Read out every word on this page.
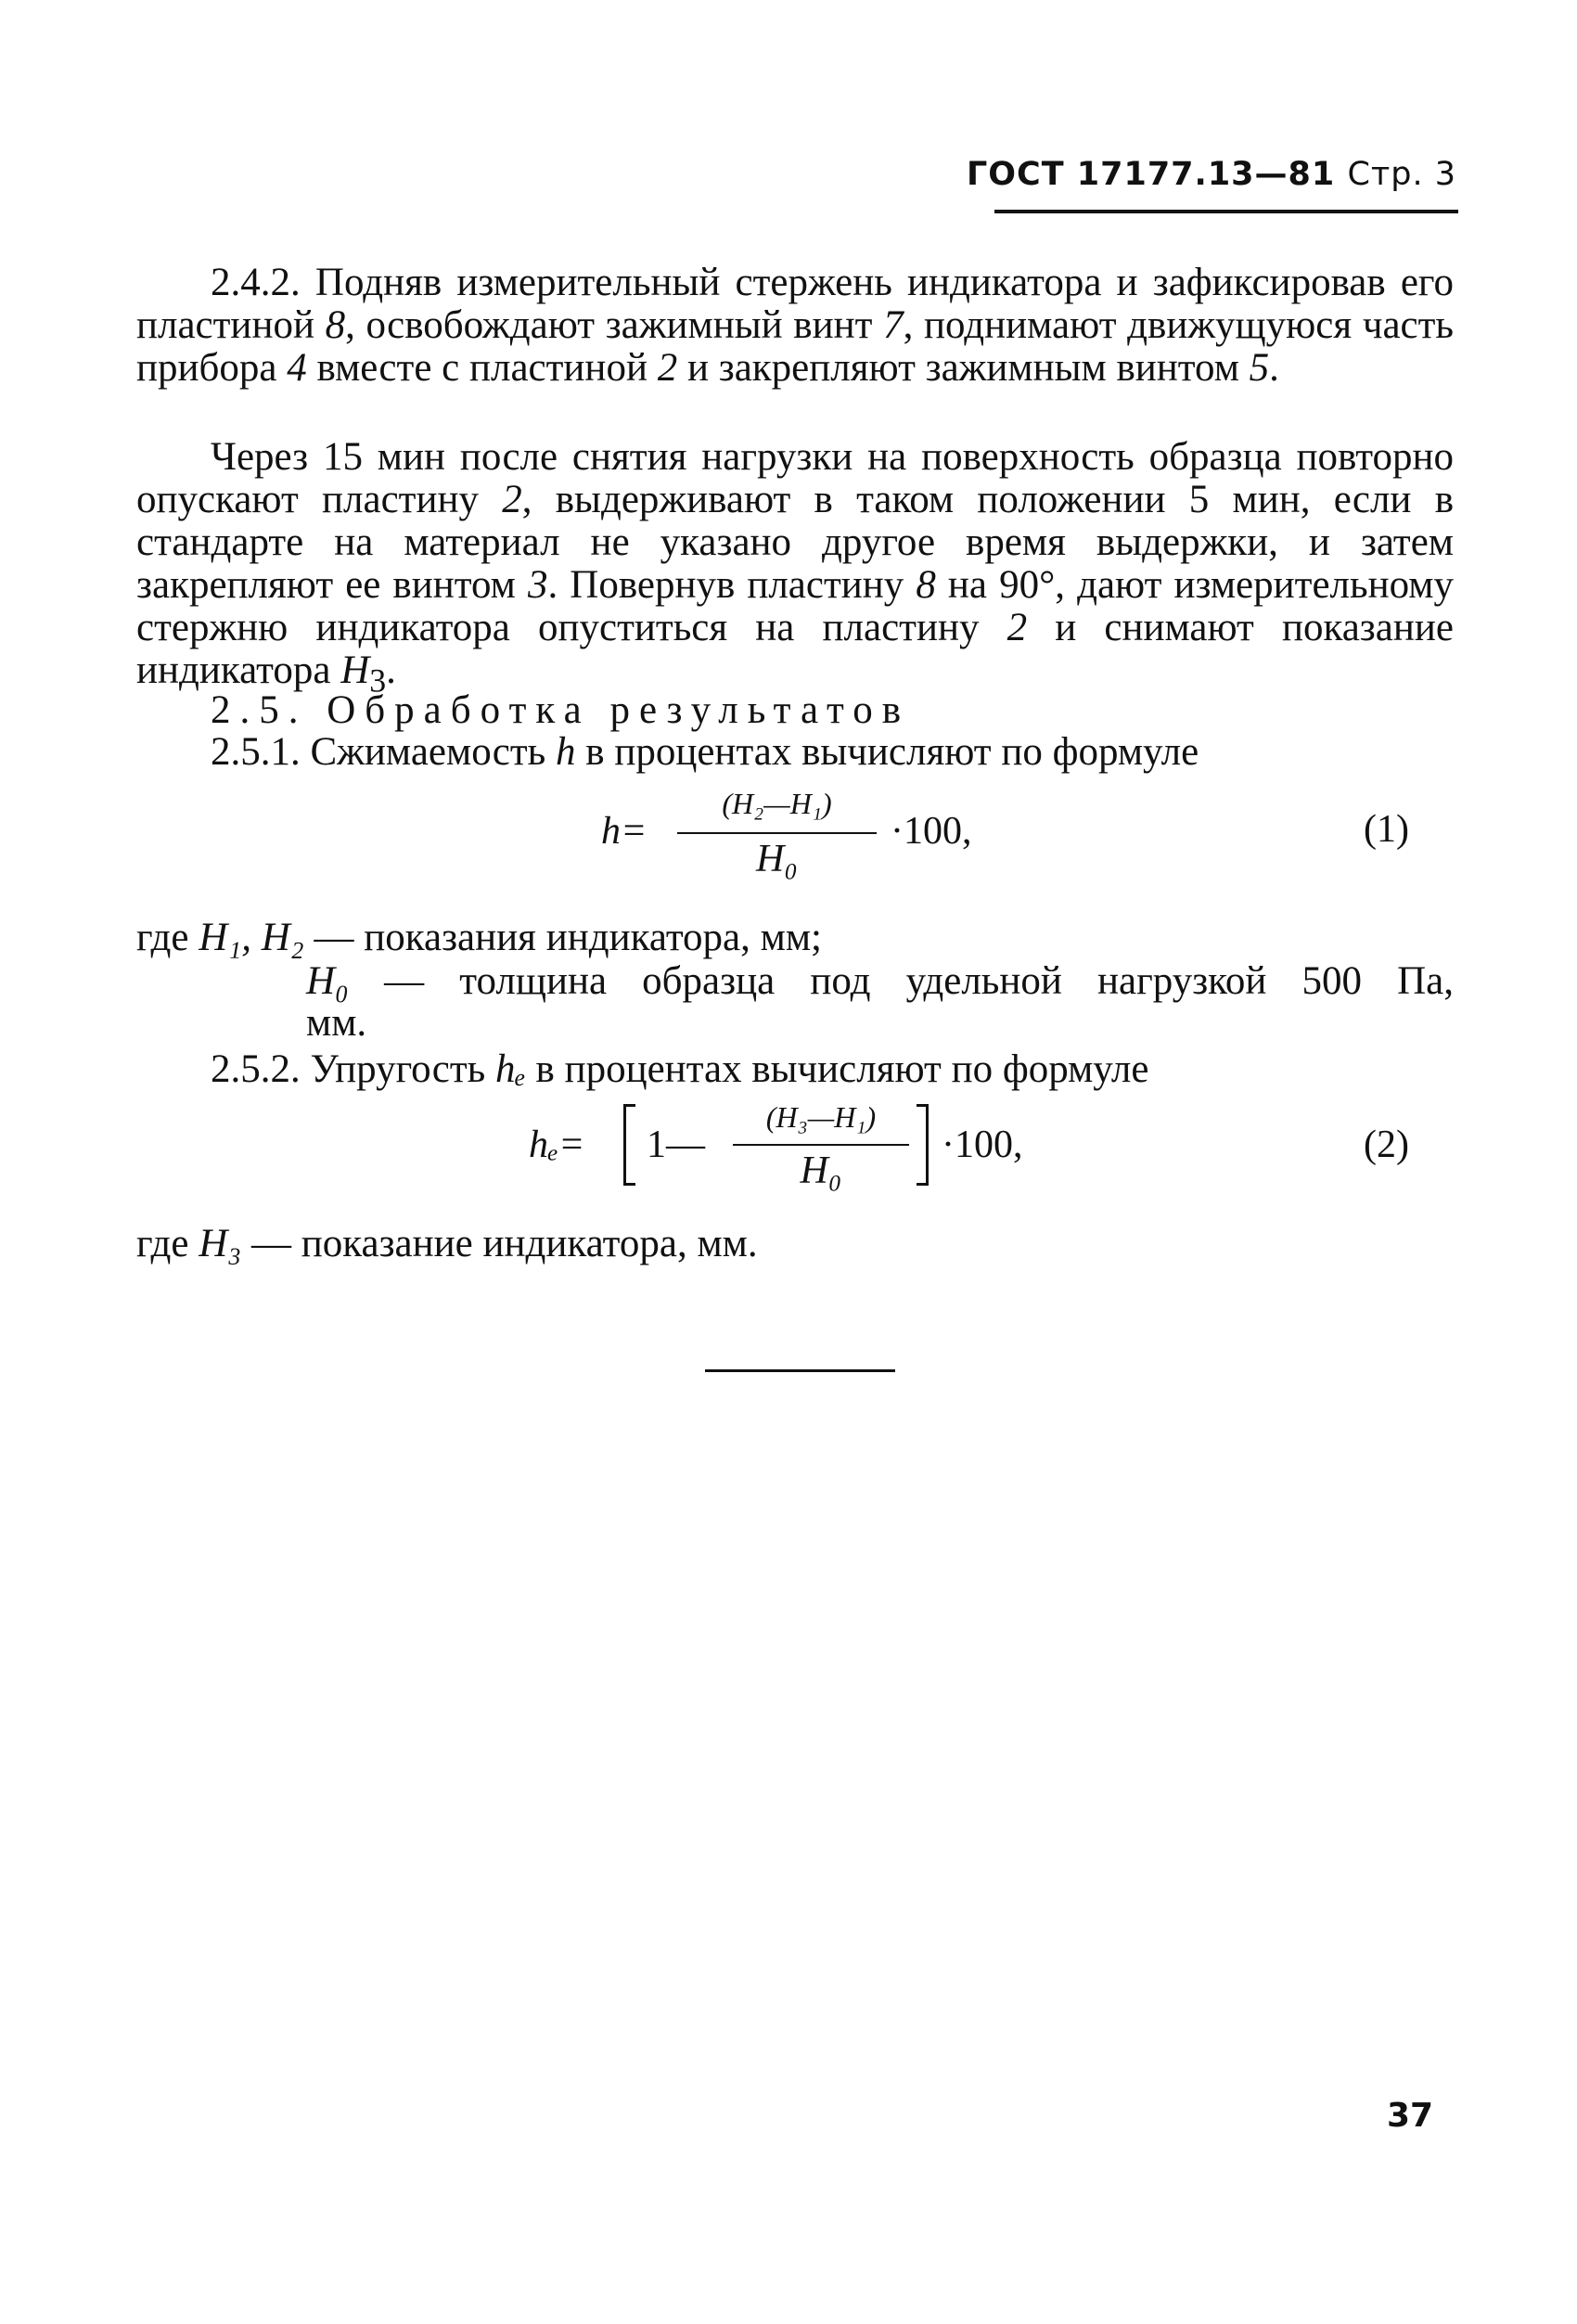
ГОСТ 17177.13—81 Стр. 3
2.4.2. Подняв измерительный стержень индикатора и зафиксировав его пластиной 8, освобождают зажимный винт 7, поднимают движущуюся часть прибора 4 вместе с пластиной 2 и закрепляют зажимным винтом 5.
Через 15 мин после снятия нагрузки на поверхность образца повторно опускают пластину 2, выдерживают в таком положении 5 мин, если в стандарте на материал не указано другое время выдержки, и затем закрепляют ее винтом 3. Повернув пластину 8 на 90°, дают измерительному стержню индикатора опуститься на пластину 2 и снимают показание индикатора $H_3$.
2.5. Обработка результатов
2.5.1. Сжимаемость h в процентах вычисляют по формуле
h=
(H₂—H₁)
H₀
·100,	(1)
где H₁, H₂ — показания индикатора, мм;
H₀ — толщина образца под удельной нагрузкой 500 Па,
мм.
2.5.2. Упругость hₑ в процентах вычисляют по формуле
hₑ= 1—
(H₃—H₁)
H₀
·100,	(2)
где H₃ — показание индикатора, мм.
37
